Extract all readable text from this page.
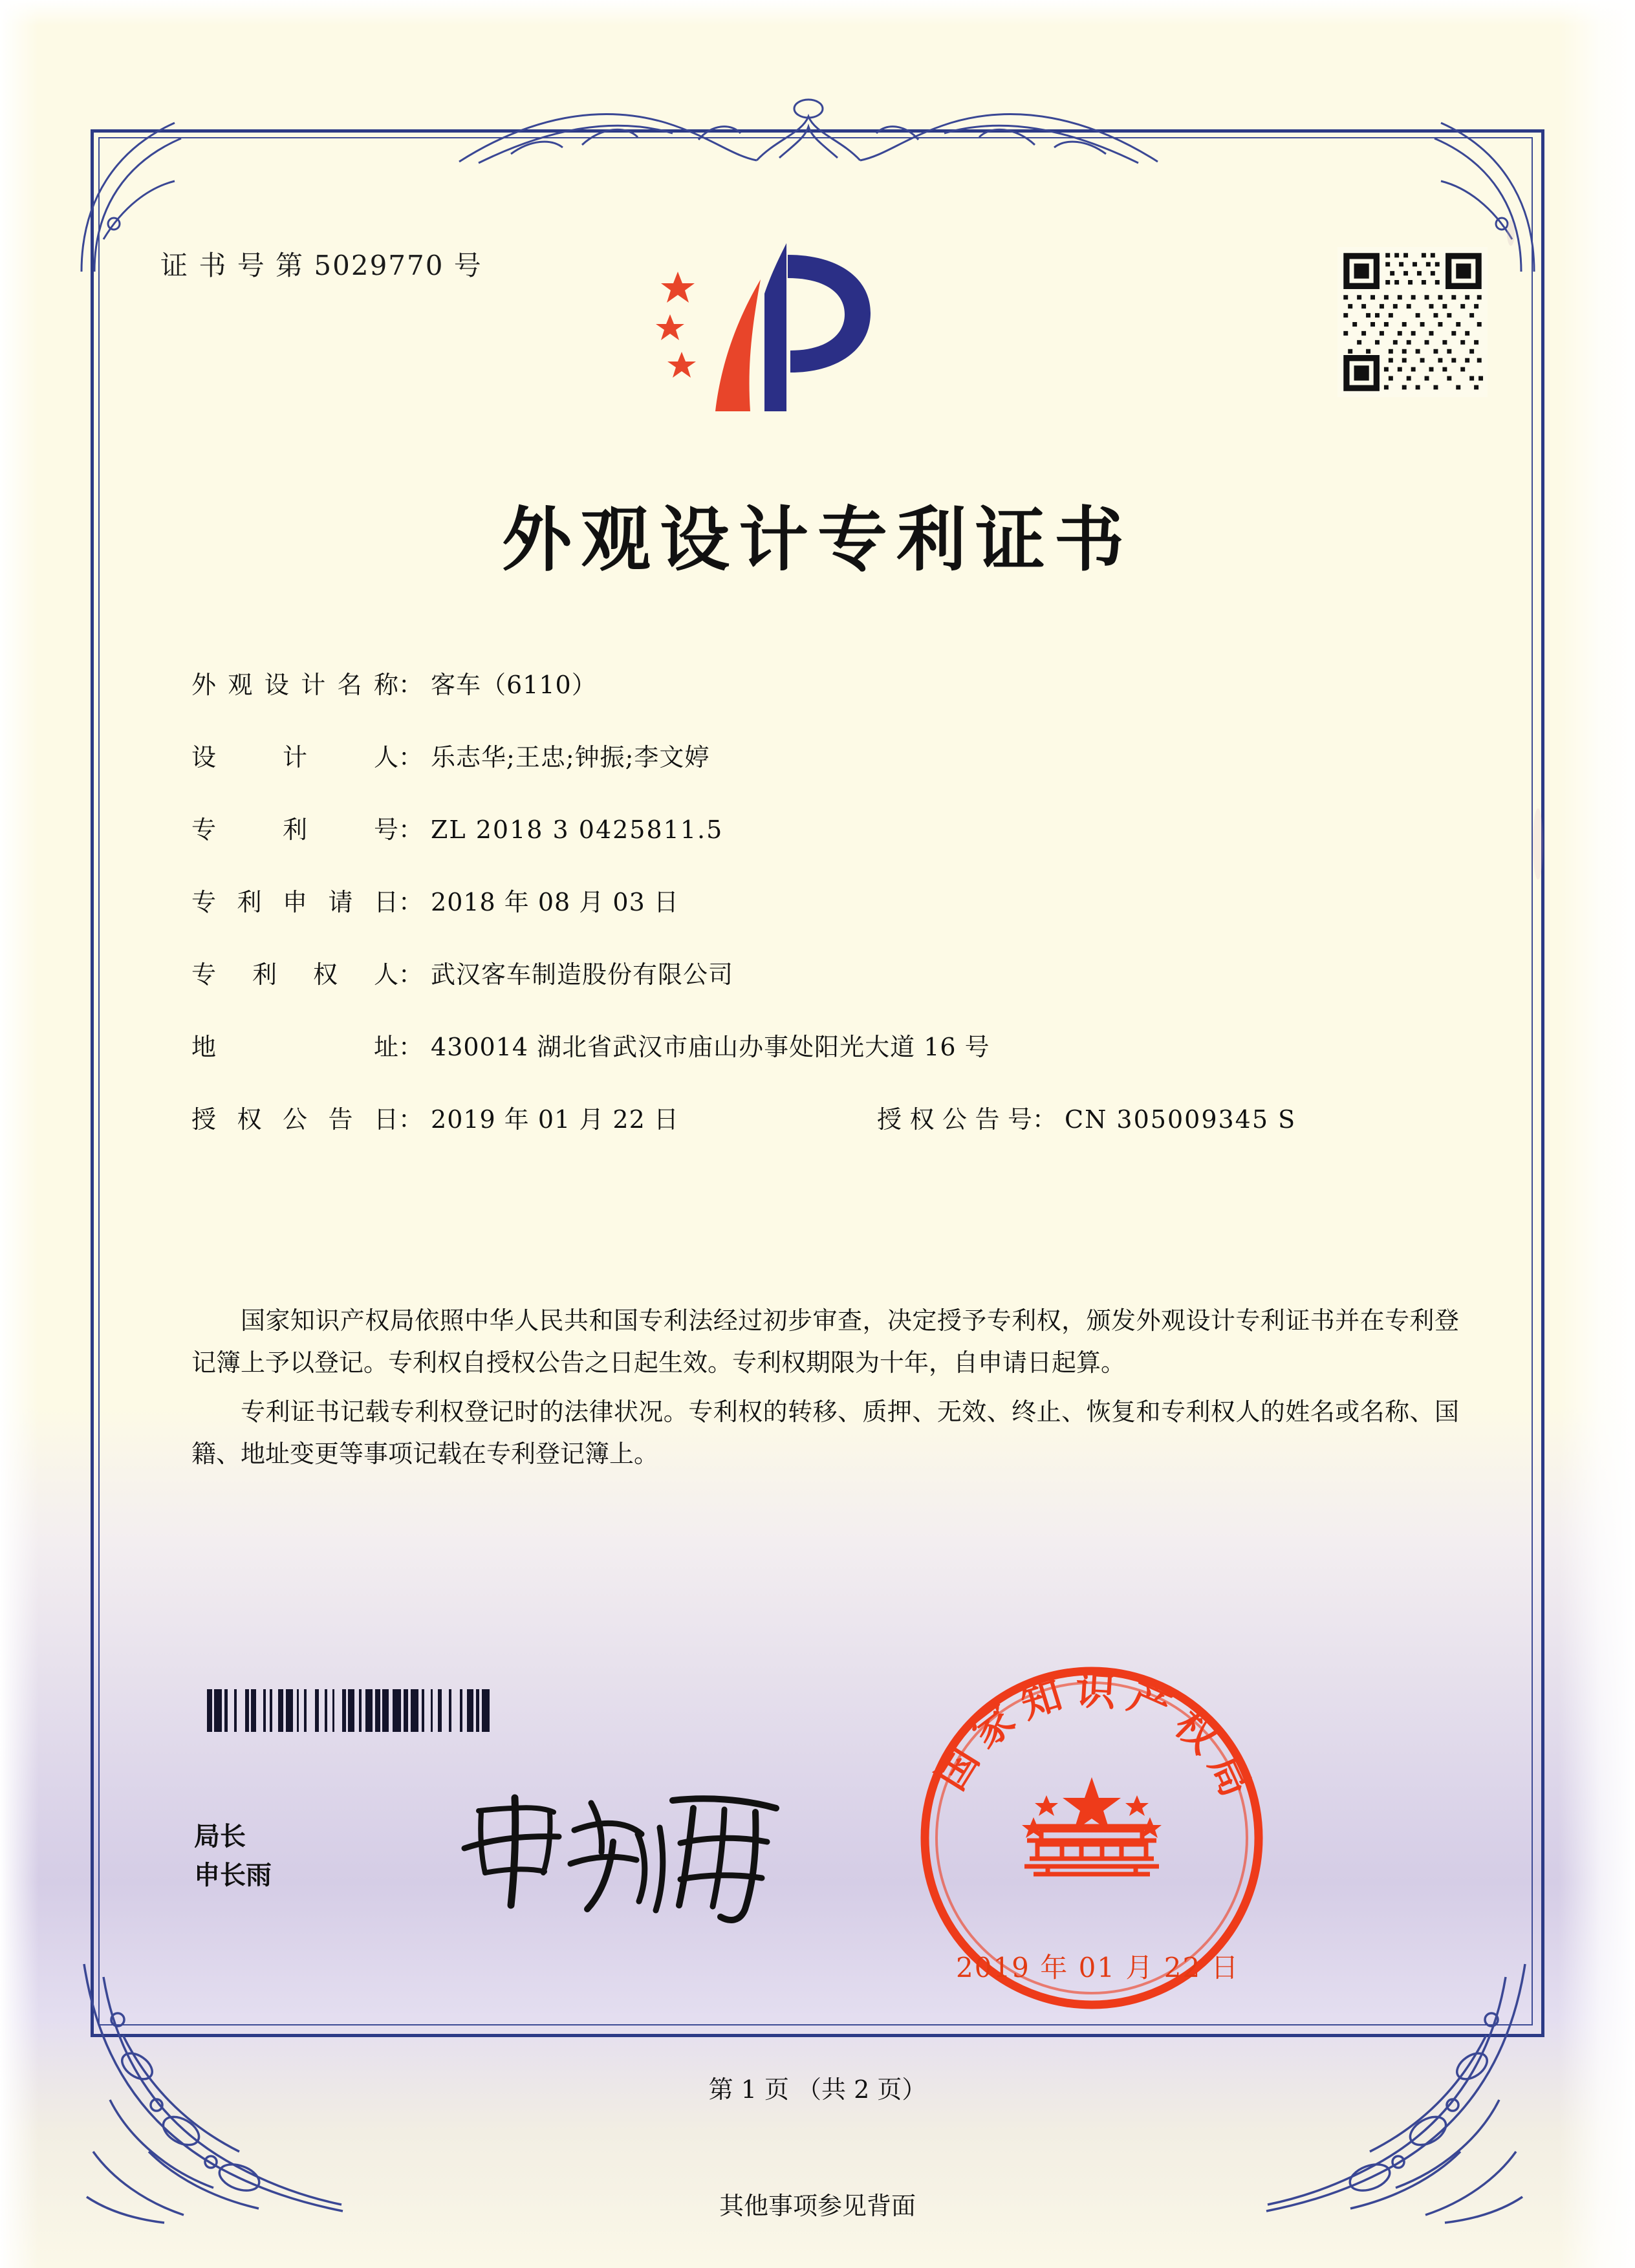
证 书 号 第 5029770 号
外观设计专利证书
外观设计名称 ： 客车（6110）
设计人 ： 乐志华;王忠;钟振;李文婷
专利号 ： ZL 2018 3 0425811.5
专利申请日 ： 2018 年 08 月 03 日
专利权人 ： 武汉客车制造股份有限公司
地址 ： 430014 湖北省武汉市庙山办事处阳光大道 16 号
授权公告日 ： 2019 年 01 月 22 日	授权公告号 ： CN 305009345 S

国家知识产权局依照中华人民共和国专利法经过初步审查，决定授予专利权，颁发外观设计专利证书并在专利登记簿上予以登记。专利权自授权公告之日起生效。专利权期限为十年，自申请日起算。

专利证书记载专利权登记时的法律状况。专利权的转移、质押、无效、终止、恢复和专利权人的姓名或名称、国籍、地址变更等事项记载在专利登记簿上。

局长
申长雨
国家知识产权局
2019 年 01 月 22 日
第 1 页 （共 2 页）
其他事项参见背面
